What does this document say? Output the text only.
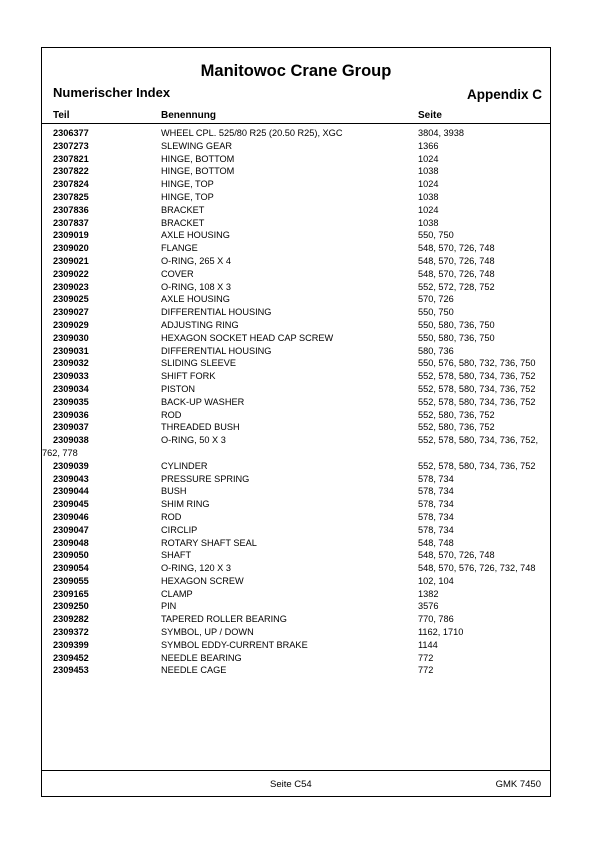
Manitowoc Crane Group
Numerischer Index	Appendix C
Teil	Benennung	Seite
2306377	WHEEL CPL. 525/80 R25 (20.50 R25), XGC	3804, 3938
2307273	SLEWING GEAR	1366
2307821	HINGE, BOTTOM	1024
2307822	HINGE, BOTTOM	1038
2307824	HINGE, TOP	1024
2307825	HINGE, TOP	1038
2307836	BRACKET	1024
2307837	BRACKET	1038
2309019	AXLE HOUSING	550, 750
2309020	FLANGE	548, 570, 726, 748
2309021	O-RING, 265 X 4	548, 570, 726, 748
2309022	COVER	548, 570, 726, 748
2309023	O-RING, 108 X 3	552, 572, 728, 752
2309025	AXLE HOUSING	570, 726
2309027	DIFFERENTIAL HOUSING	550, 750
2309029	ADJUSTING RING	550, 580, 736, 750
2309030	HEXAGON SOCKET HEAD CAP SCREW	550, 580, 736, 750
2309031	DIFFERENTIAL HOUSING	580, 736
2309032	SLIDING SLEEVE	550, 576, 580, 732, 736, 750
2309033	SHIFT FORK	552, 578, 580, 734, 736, 752
2309034	PISTON	552, 578, 580, 734, 736, 752
2309035	BACK-UP WASHER	552, 578, 580, 734, 736, 752
2309036	ROD	552, 580, 736, 752
2309037	THREADED BUSH	552, 580, 736, 752
2309038	O-RING, 50 X 3	552, 578, 580, 734, 736, 752, 762, 778
2309039	CYLINDER	552, 578, 580, 734, 736, 752
2309043	PRESSURE SPRING	578, 734
2309044	BUSH	578, 734
2309045	SHIM RING	578, 734
2309046	ROD	578, 734
2309047	CIRCLIP	578, 734
2309048	ROTARY SHAFT SEAL	548, 748
2309050	SHAFT	548, 570, 726, 748
2309054	O-RING, 120 X 3	548, 570, 576, 726, 732, 748
2309055	HEXAGON SCREW	102, 104
2309165	CLAMP	1382
2309250	PIN	3576
2309282	TAPERED ROLLER BEARING	770, 786
2309372	SYMBOL, UP / DOWN	1162, 1710
2309399	SYMBOL EDDY-CURRENT BRAKE	1144
2309452	NEEDLE BEARING	772
2309453	NEEDLE CAGE	772
Seite C54	GMK 7450
